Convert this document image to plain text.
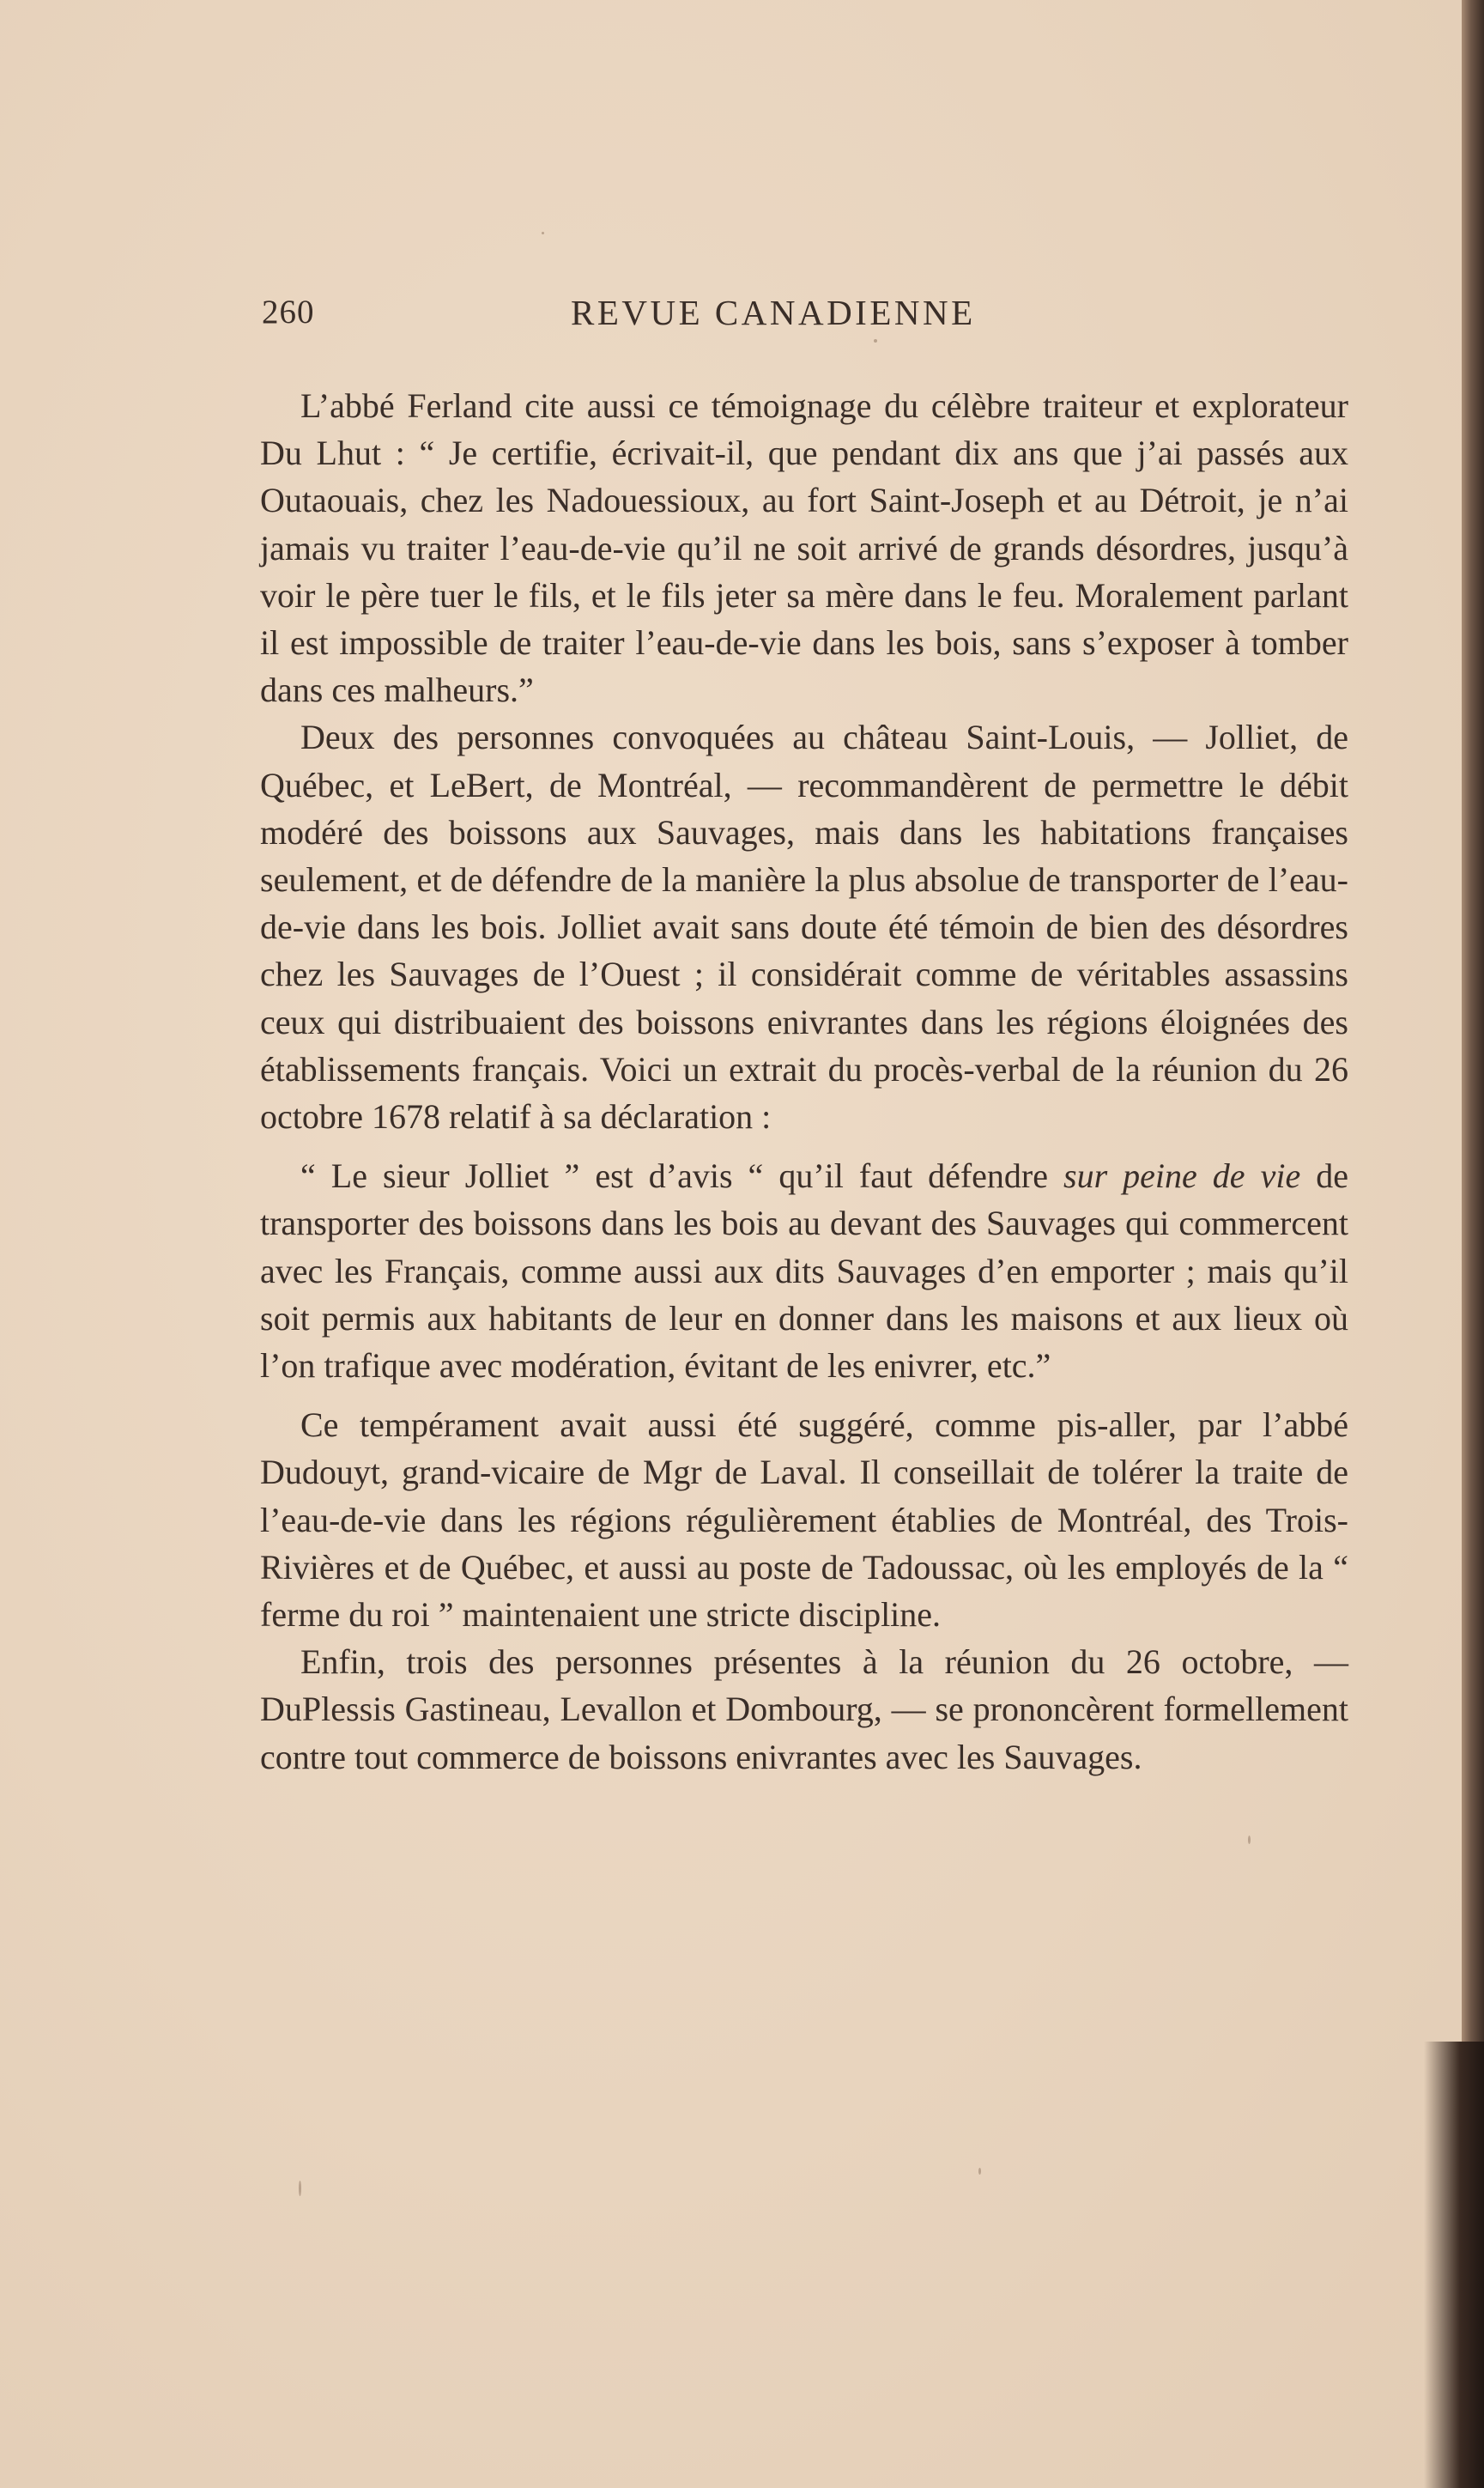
260	REVUE CANADIENNE

L’abbé Ferland cite aussi ce témoignage du célèbre traiteur et explorateur Du Lhut : “ Je certifie, écrivait-il, que pendant dix ans que j’ai passés aux Outaouais, chez les Nadouessioux, au fort Saint-Joseph et au Détroit, je n’ai jamais vu traiter l’eau-de-vie qu’il ne soit arrivé de grands désordres, jusqu’à voir le père tuer le fils, et le fils jeter sa mère dans le feu. Moralement parlant il est impossible de traiter l’eau-de-vie dans les bois, sans s’exposer à tomber dans ces malheurs.”

Deux des personnes convoquées au château Saint-Louis, — Jolliet, de Québec, et LeBert, de Montréal, — recommandèrent de permettre le débit modéré des boissons aux Sauvages, mais dans les habitations françaises seulement, et de défendre de la manière la plus absolue de transporter de l’eau-de-vie dans les bois. Jolliet avait sans doute été témoin de bien des désordres chez les Sauvages de l’Ouest ; il considérait comme de véritables assassins ceux qui distribuaient des boissons enivrantes dans les régions éloignées des établissements français. Voici un extrait du procès-verbal de la réunion du 26 octobre 1678 relatif à sa déclaration :

“ Le sieur Jolliet ” est d’avis “ qu’il faut défendre sur peine de vie de transporter des boissons dans les bois au devant des Sauvages qui commercent avec les Français, comme aussi aux dits Sauvages d’en emporter ; mais qu’il soit permis aux habitants de leur en donner dans les maisons et aux lieux où l’on trafique avec modération, évitant de les enivrer, etc.”

Ce tempérament avait aussi été suggéré, comme pis-aller, par l’abbé Dudouyt, grand-vicaire de Mgr de Laval. Il conseillait de tolérer la traite de l’eau-de-vie dans les régions régulièrement établies de Montréal, des Trois-Rivières et de Québec, et aussi au poste de Tadoussac, où les employés de la “ ferme du roi ” maintenaient une stricte discipline.

Enfin, trois des personnes présentes à la réunion du 26 octobre, — DuPlessis Gastineau, Levallon et Dombourg, — se prononcèrent formellement contre tout commerce de boissons enivrantes avec les Sauvages.
